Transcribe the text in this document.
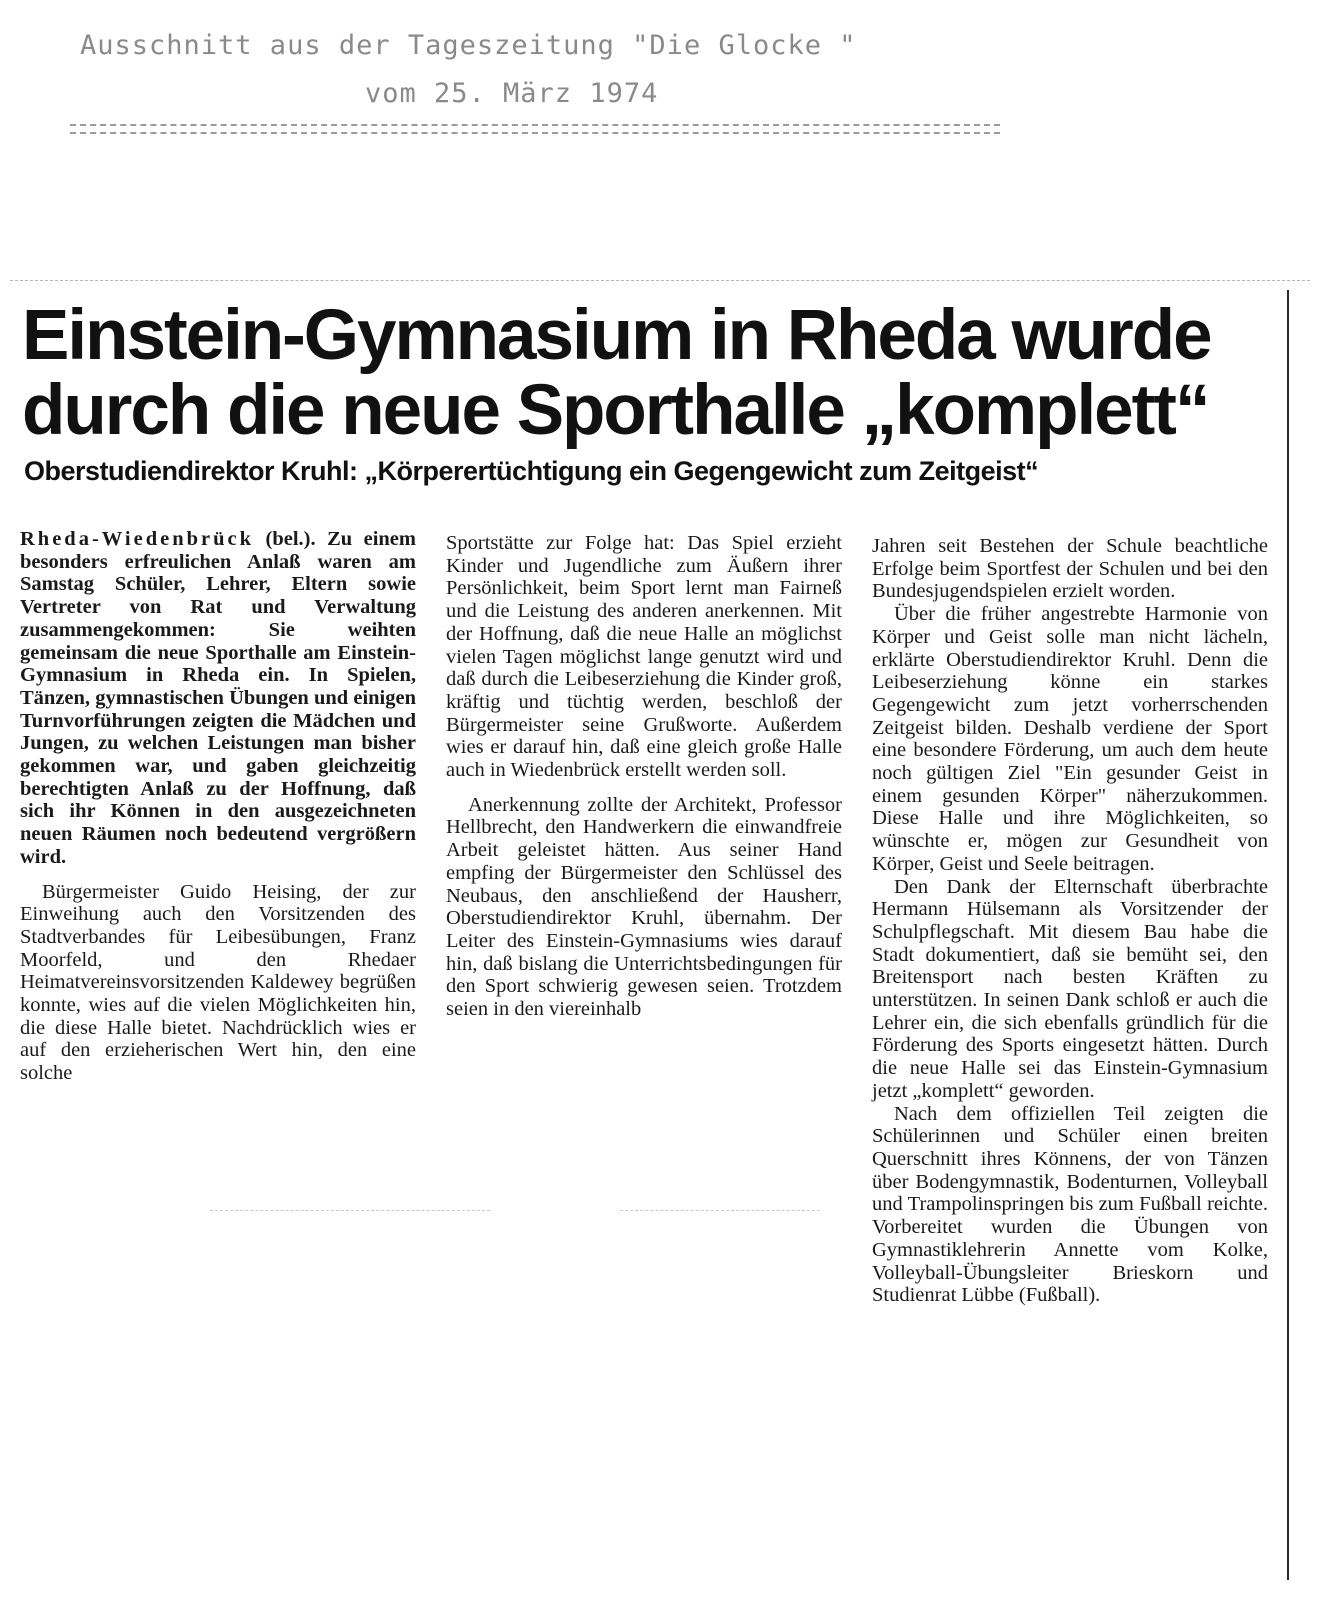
Ausschnitt aus der Tageszeitung "Die Glocke "
vom 25. März 1974
Einstein-Gymnasium in Rheda wurde durch die neue Sporthalle „komplett“
Oberstudiendirektor Kruhl: „Körperertüchtigung ein Gegengewicht zum Zeitgeist“

Rheda-Wiedenbrück (bel.). Zu einem besonders erfreulichen Anlaß waren am Samstag Schüler, Lehrer, Eltern sowie Vertreter von Rat und Verwaltung zusammengekommen: Sie weihten gemeinsam die neue Sporthalle am Einstein-Gymnasium in Rheda ein. In Spielen, Tänzen, gymnastischen Übungen und einigen Turnvorführungen zeigten die Mädchen und Jungen, zu welchen Leistungen man bisher gekommen war, und gaben gleichzeitig berechtigten Anlaß zu der Hoffnung, daß sich ihr Können in den ausgezeichneten neuen Räumen noch bedeutend vergrößern wird.

Bürgermeister Guido Heising, der zur Einweihung auch den Vorsitzenden des Stadtverbandes für Leibesübungen, Franz Moorfeld, und den Rhedaer Heimatvereinsvorsitzenden Kaldewey begrüßen konnte, wies auf die vielen Möglichkeiten hin, die diese Halle bietet. Nachdrücklich wies er auf den erzieherischen Wert hin, den eine solche

Sportstätte zur Folge hat: Das Spiel erzieht Kinder und Jugendliche zum Äußern ihrer Persönlichkeit, beim Sport lernt man Fairneß und die Leistung des anderen anerkennen. Mit der Hoffnung, daß die neue Halle an möglichst vielen Tagen möglichst lange genutzt wird und daß durch die Leibeserziehung die Kinder groß, kräftig und tüchtig werden, beschloß der Bürgermeister seine Grußworte. Außerdem wies er darauf hin, daß eine gleich große Halle auch in Wiedenbrück erstellt werden soll.

Anerkennung zollte der Architekt, Professor Hellbrecht, den Handwerkern die einwandfreie Arbeit geleistet hätten. Aus seiner Hand empfing der Bürgermeister den Schlüssel des Neubaus, den anschließend der Hausherr, Oberstudiendirektor Kruhl, übernahm. Der Leiter des Einstein-Gymnasiums wies darauf hin, daß bislang die Unterrichtsbedingungen für den Sport schwierig gewesen seien. Trotzdem seien in den viereinhalb

Jahren seit Bestehen der Schule beachtliche Erfolge beim Sportfest der Schulen und bei den Bundesjugendspielen erzielt worden.

Über die früher angestrebte Harmonie von Körper und Geist solle man nicht lächeln, erklärte Oberstudiendirektor Kruhl. Denn die Leibeserziehung könne ein starkes Gegengewicht zum jetzt vorherrschenden Zeitgeist bilden. Deshalb verdiene der Sport eine besondere Förderung, um auch dem heute noch gültigen Ziel "Ein gesunder Geist in einem gesunden Körper" näherzukommen. Diese Halle und ihre Möglichkeiten, so wünschte er, mögen zur Gesundheit von Körper, Geist und Seele beitragen.

Den Dank der Elternschaft überbrachte Hermann Hülsemann als Vorsitzender der Schulpflegschaft. Mit diesem Bau habe die Stadt dokumentiert, daß sie bemüht sei, den Breitensport nach besten Kräften zu unterstützen. In seinen Dank schloß er auch die Lehrer ein, die sich ebenfalls gründlich für die Förderung des Sports eingesetzt hätten. Durch die neue Halle sei das Einstein-Gymnasium jetzt „komplett“ geworden.

Nach dem offiziellen Teil zeigten die Schülerinnen und Schüler einen breiten Querschnitt ihres Könnens, der von Tänzen über Bodengymnastik, Bodenturnen, Volleyball und Trampolinspringen bis zum Fußball reichte. Vorbereitet wurden die Übungen von Gymnastiklehrerin Annette vom Kolke, Volleyball-Übungsleiter Brieskorn und Studienrat Lübbe (Fußball).
